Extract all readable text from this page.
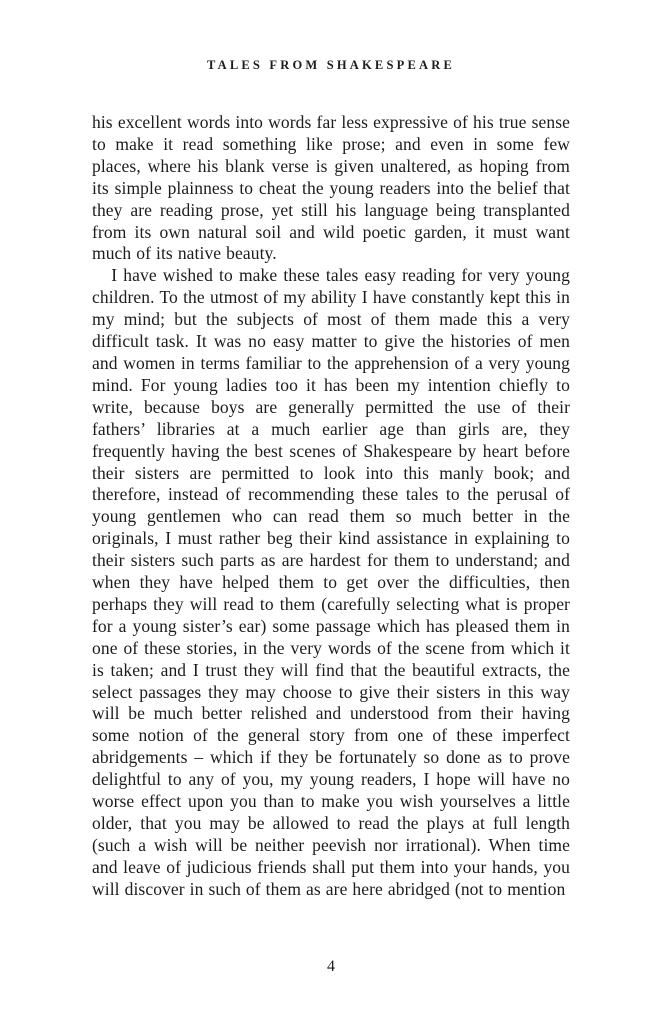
TALES FROM SHAKESPEARE

his excellent words into words far less expressive of his true sense to make it read something like prose; and even in some few places, where his blank verse is given unaltered, as hoping from its simple plainness to cheat the young readers into the belief that they are reading prose, yet still his language being transplanted from its own natural soil and wild poetic garden, it must want much of its native beauty.

I have wished to make these tales easy reading for very young children. To the utmost of my ability I have constantly kept this in my mind; but the subjects of most of them made this a very difficult task. It was no easy matter to give the histories of men and women in terms familiar to the apprehension of a very young mind. For young ladies too it has been my intention chiefly to write, because boys are generally permitted the use of their fathers’ libraries at a much earlier age than girls are, they frequently having the best scenes of Shakespeare by heart before their sisters are permitted to look into this manly book; and therefore, instead of recommending these tales to the perusal of young gentlemen who can read them so much better in the originals, I must rather beg their kind assistance in explaining to their sisters such parts as are hardest for them to understand; and when they have helped them to get over the difficulties, then perhaps they will read to them (carefully selecting what is proper for a young sister’s ear) some passage which has pleased them in one of these stories, in the very words of the scene from which it is taken; and I trust they will find that the beautiful extracts, the select passages they may choose to give their sisters in this way will be much better relished and understood from their having some notion of the general story from one of these imperfect abridgements – which if they be fortunately so done as to prove delightful to any of you, my young readers, I hope will have no worse effect upon you than to make you wish yourselves a little older, that you may be allowed to read the plays at full length (such a wish will be neither peevish nor irrational). When time and leave of judicious friends shall put them into your hands, you will discover in such of them as are here abridged (not to mention

4
